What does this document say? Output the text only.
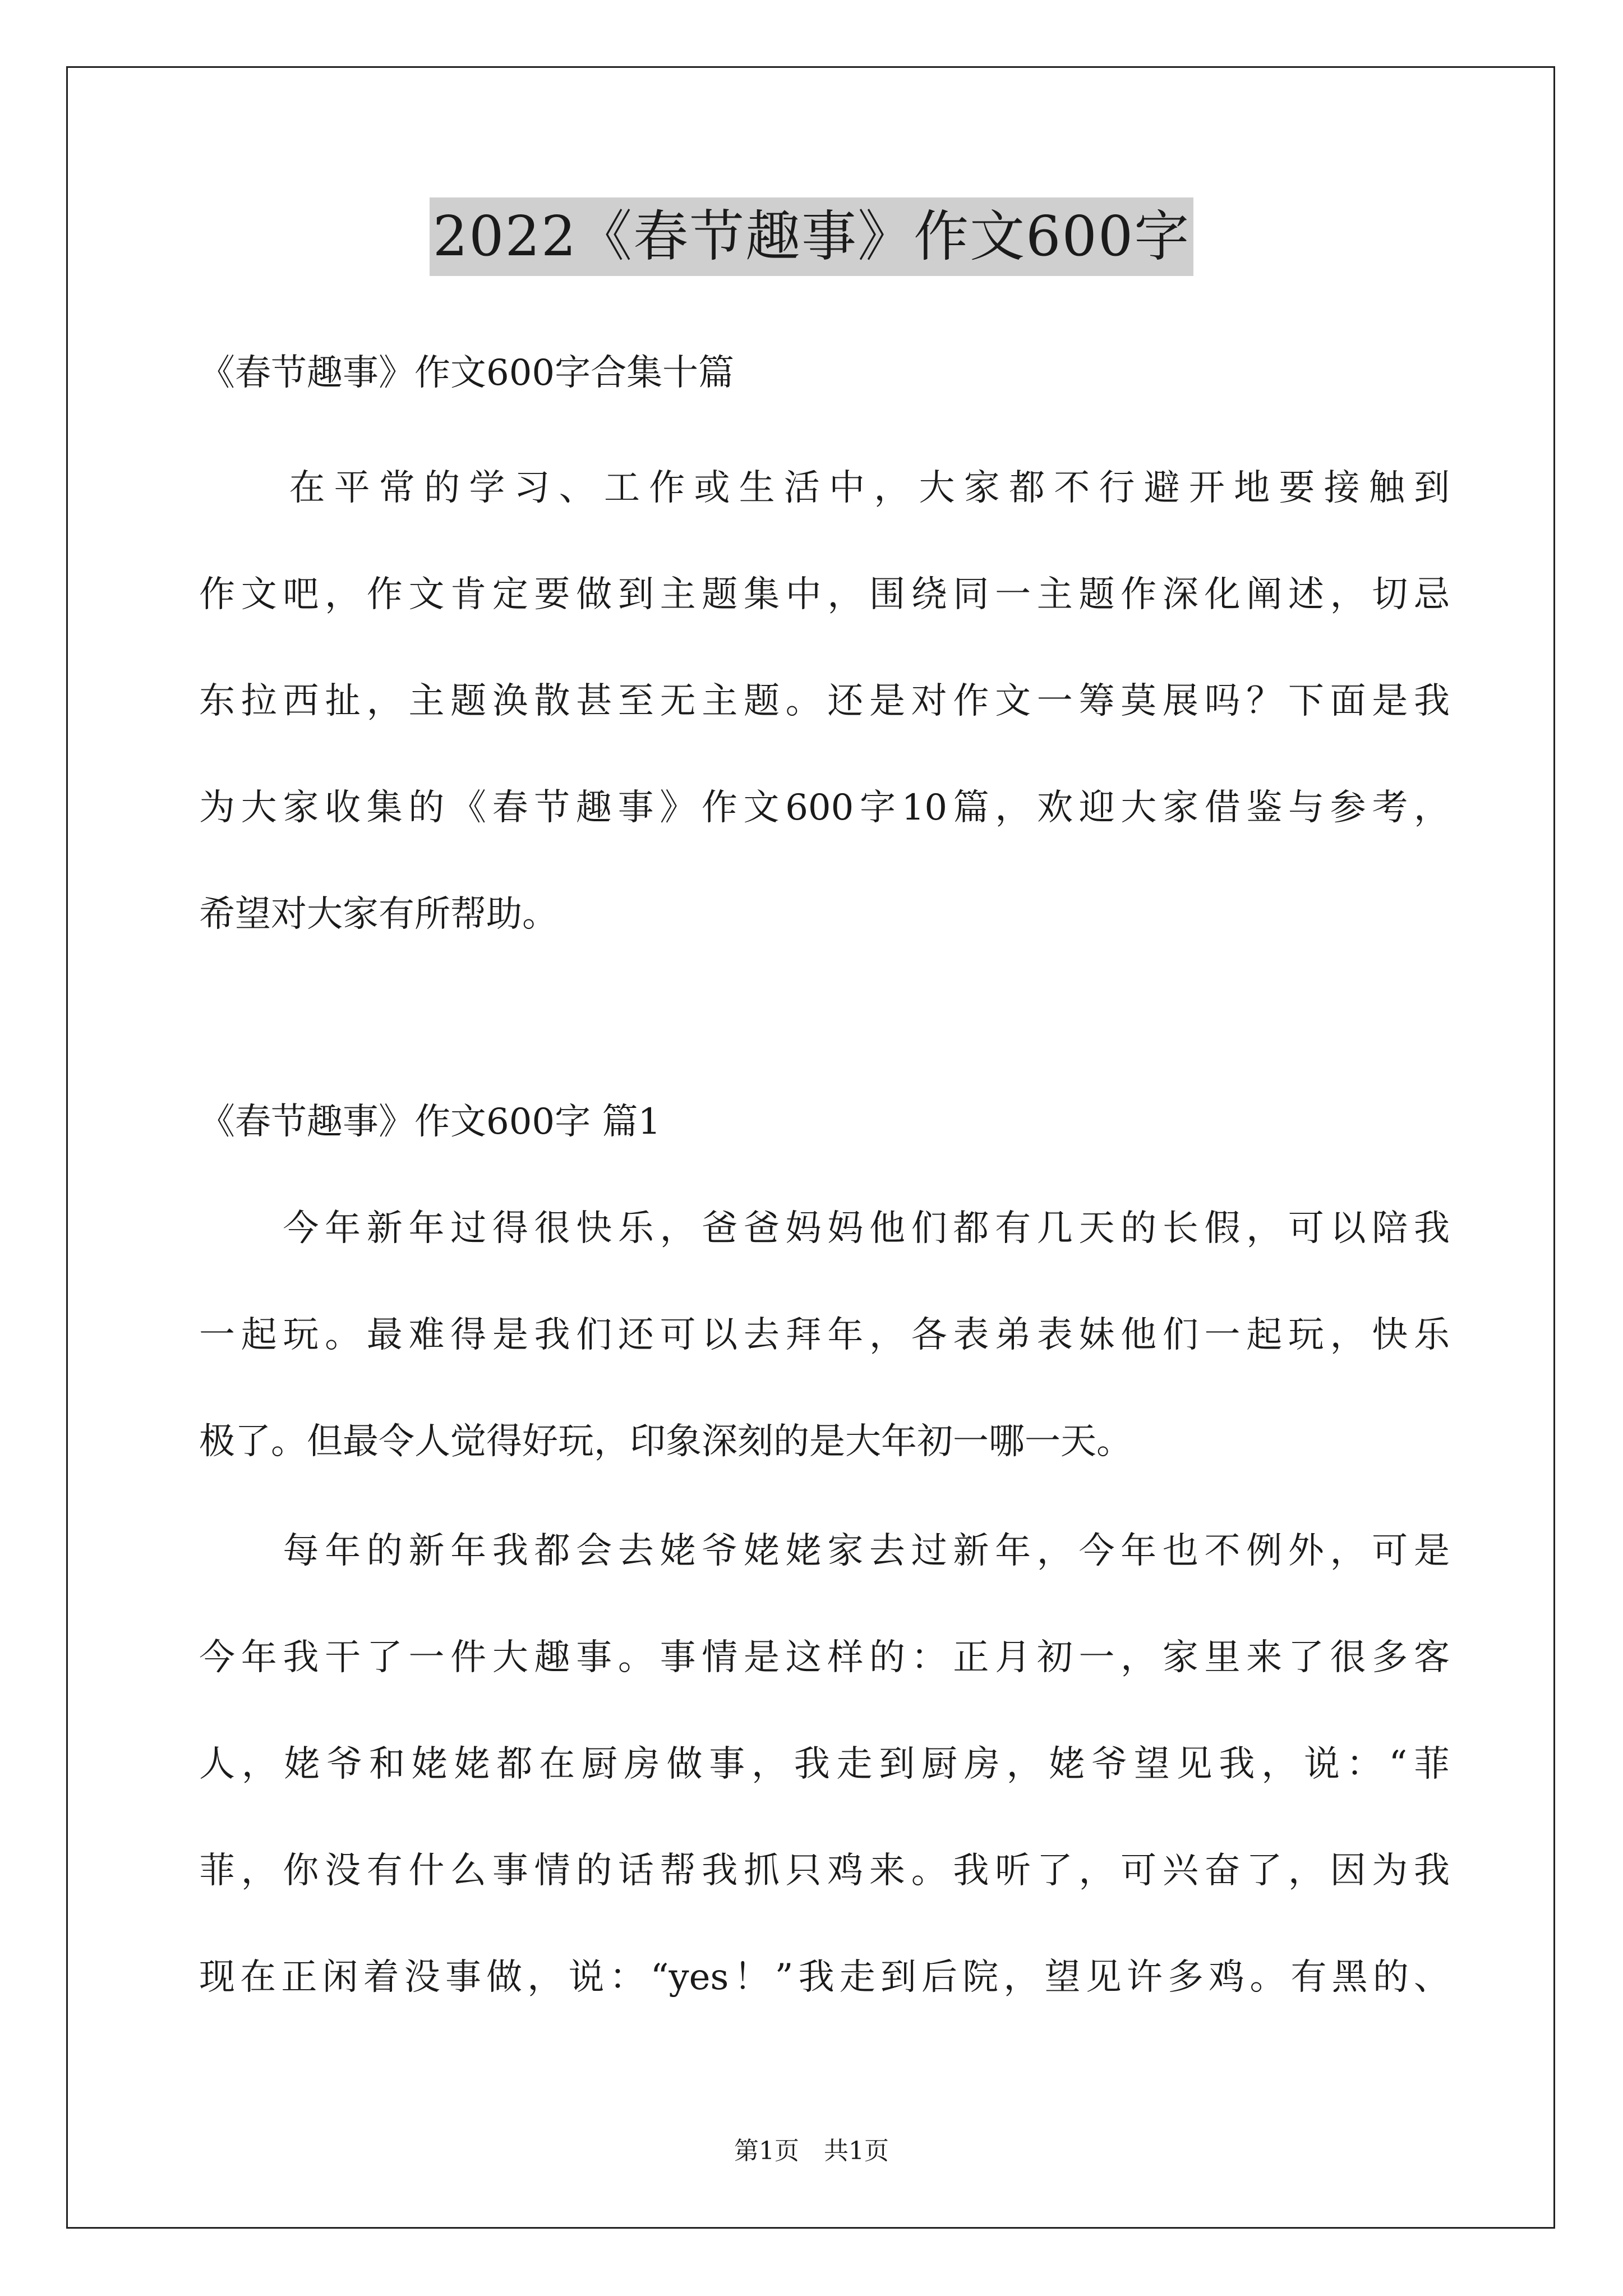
2022《春节趣事》作文600字

《春节趣事》作文600字合集十篇

　　在平常的学习、工作或生活中，大家都不行避开地要接触到

作文吧，作文肯定要做到主题集中，围绕同一主题作深化阐述，切忌

东拉西扯，主题涣散甚至无主题。还是对作文一筹莫展吗？下面是我

为大家收集的《春节趣事》作文600字10篇，欢迎大家借鉴与参考，

希望对大家有所帮助。

《春节趣事》作文600字 篇1

　　今年新年过得很快乐，爸爸妈妈他们都有几天的长假，可以陪我

一起玩。最难得是我们还可以去拜年，各表弟表妹他们一起玩，快乐

极了。但最令人觉得好玩，印象深刻的是大年初一哪一天。

　　每年的新年我都会去姥爷姥姥家去过新年，今年也不例外，可是

今年我干了一件大趣事。事情是这样的：正月初一，家里来了很多客

人，姥爷和姥姥都在厨房做事，我走到厨房，姥爷望见我，说：“菲

菲，你没有什么事情的话帮我抓只鸡来。我听了，可兴奋了，因为我

现在正闲着没事做，说：“yes！”我走到后院，望见许多鸡。有黑的、

第1页 共1页
